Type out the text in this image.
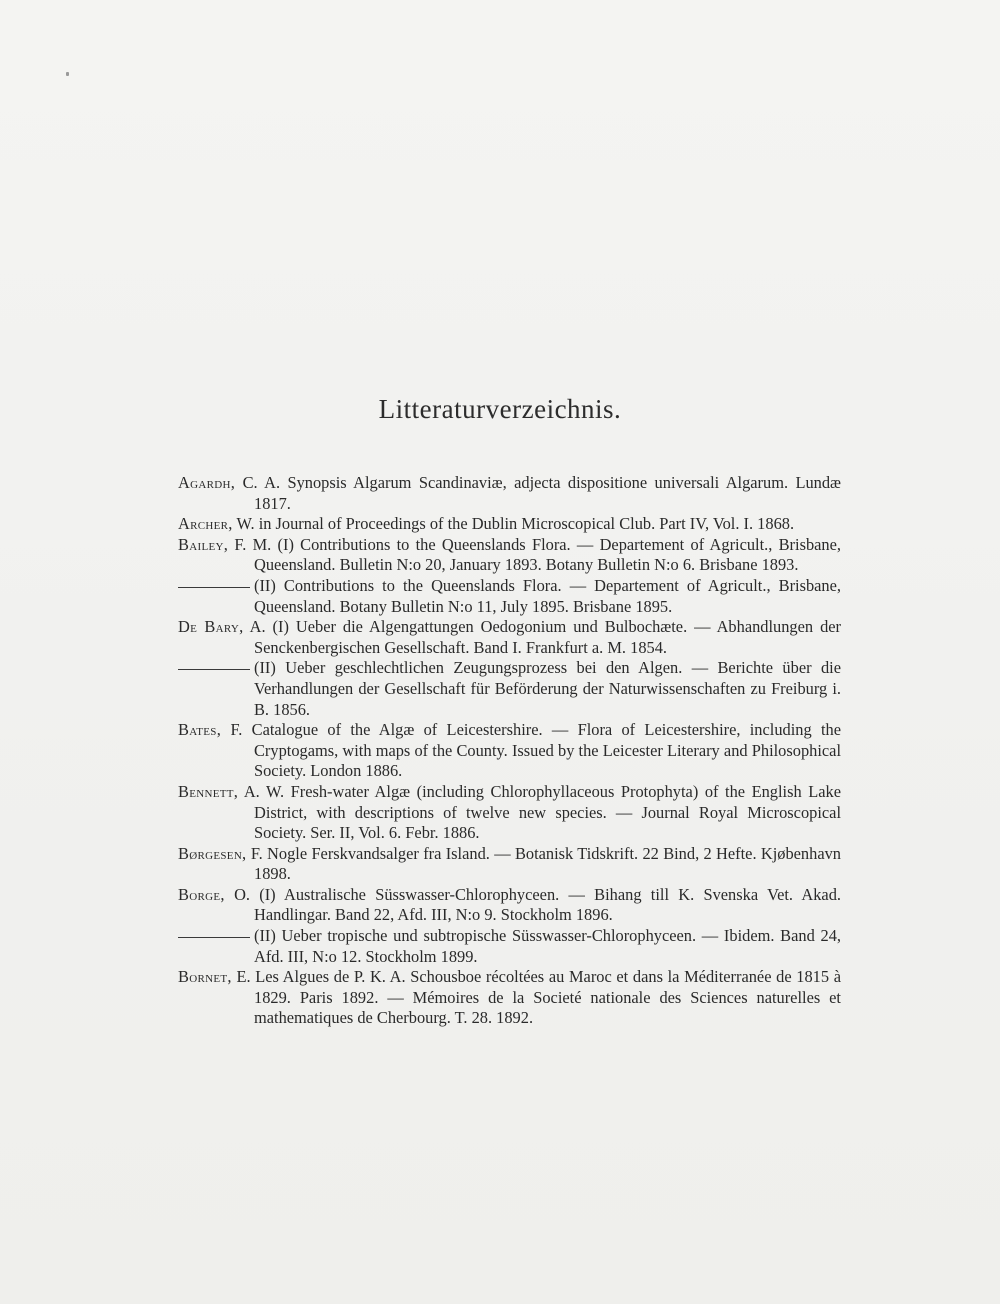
Litteraturverzeichnis.

Agardh, C. A. Synopsis Algarum Scandinaviæ, adjecta dispositione universali Algarum. Lundæ 1817.

Archer, W. in Journal of Proceedings of the Dublin Microscopical Club. Part IV, Vol. I. 1868.

Bailey, F. M. (I) Contributions to the Queenslands Flora. — Departement of Agricult., Brisbane, Queensland. Bulletin N:o 20, January 1893. Botany Bulletin N:o 6. Brisbane 1893.

(II) Contributions to the Queenslands Flora. — Departement of Agricult., Brisbane, Queensland. Botany Bulletin N:o 11, July 1895. Brisbane 1895.

De Bary, A. (I) Ueber die Algengattungen Oedogonium und Bulbochæte. — Abhandlungen der Senckenbergischen Gesellschaft. Band I. Frankfurt a. M. 1854.

(II) Ueber geschlechtlichen Zeugungsprozess bei den Algen. — Berichte über die Verhandlungen der Gesellschaft für Beförderung der Naturwissenschaften zu Freiburg i. B. 1856.

Bates, F. Catalogue of the Algæ of Leicestershire. — Flora of Leicestershire, including the Cryptogams, with maps of the County. Issued by the Leicester Literary and Philosophical Society. London 1886.

Bennett, A. W. Fresh-water Algæ (including Chlorophyllaceous Protophyta) of the English Lake District, with descriptions of twelve new species. — Journal Royal Microscopical Society. Ser. II, Vol. 6. Febr. 1886.

Børgesen, F. Nogle Ferskvandsalger fra Island. — Botanisk Tidskrift. 22 Bind, 2 Hefte. Kjøbenhavn 1898.

Borge, O. (I) Australische Süsswasser-Chlorophyceen. — Bihang till K. Svenska Vet. Akad. Handlingar. Band 22, Afd. III, N:o 9. Stockholm 1896.

(II) Ueber tropische und subtropische Süsswasser-Chlorophyceen. — Ibidem. Band 24, Afd. III, N:o 12. Stockholm 1899.

Bornet, E. Les Algues de P. K. A. Schousboe récoltées au Maroc et dans la Méditerranée de 1815 à 1829. Paris 1892. — Mémoires de la Societé nationale des Sciences naturelles et mathematiques de Cherbourg. T. 28. 1892.
